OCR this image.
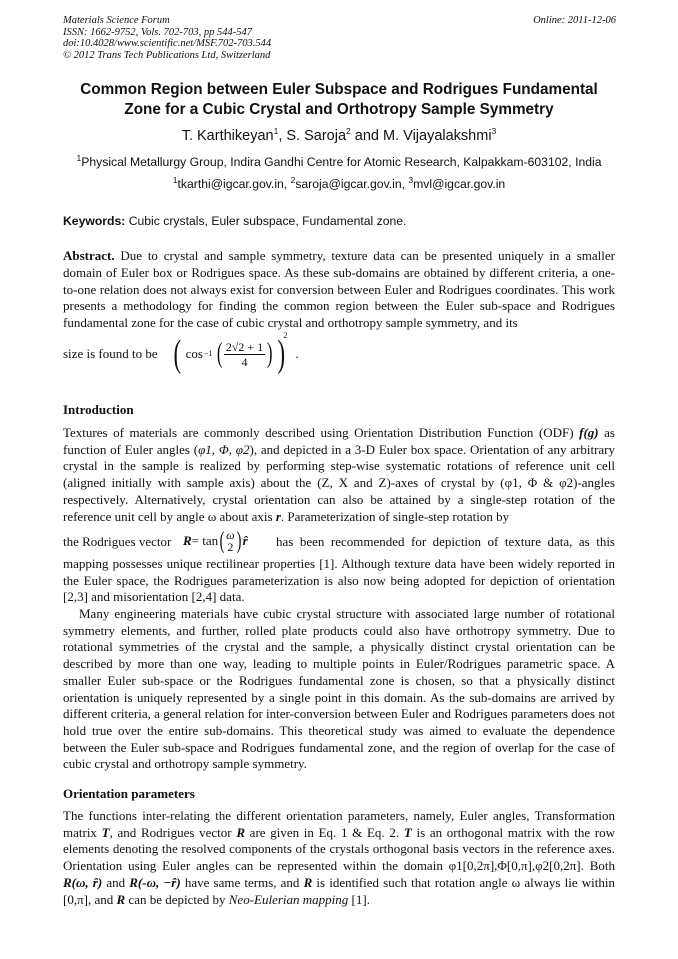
Materials Science Forum
ISSN: 1662-9752, Vols. 702-703, pp 544-547
doi:10.4028/www.scientific.net/MSF.702-703.544
© 2012 Trans Tech Publications Ltd, Switzerland
Online: 2011-12-06
Common Region between Euler Subspace and Rodrigues Fundamental
Zone for a Cubic Crystal and Orthotropy Sample Symmetry
T. Karthikeyan$^1$, S. Saroja$^2$ and M. Vijayalakshmi$^3$
$^1$Physical Metallurgy Group, Indira Gandhi Centre for Atomic Research, Kalpakkam-603102, India
$^1$tkarthi@igcar.gov.in, $^2$saroja@igcar.gov.in, $^3$mvl@igcar.gov.in
Keywords: Cubic crystals, Euler subspace, Fundamental zone.
Abstract. Due to crystal and sample symmetry, texture data can be presented uniquely in a smaller domain of Euler box or Rodrigues space. As these sub-domains are obtained by different criteria, a one-to-one relation does not always exist for conversion between Euler and Rodrigues coordinates. This work presents a methodology for finding the common region between the Euler sub-space and Rodrigues fundamental zone for the case of cubic crystal and orthotropy sample symmetry, and its
size is found to be ( cos −1 ( $\frac{2√2 + 1}{4}$ ) )
2
.
Introduction
Textures of materials are commonly described using Orientation Distribution Function (ODF) f(g) as function of Euler angles (φ1, Φ, φ2), and depicted in a 3-D Euler box space. Orientation of any arbitrary crystal in the sample is realized by performing step-wise systematic rotations of reference unit cell (aligned initially with sample axis) about the (Z, X and Z)-axes of crystal by (φ1, Φ & φ2)-angles respectively. Alternatively, crystal orientation can also be attained by a single-step rotation of the reference unit cell by angle ω about axis r. Parameterization of single-step rotation by
the Rodrigues vector R = tan ( ω
2 ) r̂ has been recommended for depiction of texture data, as this
mapping possesses unique rectilinear properties [1]. Although texture data have been widely reported in the Euler space, the Rodrigues parameterization is also now being adopted for depiction of orientation [2,3] and misorientation [2,4] data.
Many engineering materials have cubic crystal structure with associated large number of rotational symmetry elements, and further, rolled plate products could also have orthotropy symmetry. Due to rotational symmetries of the crystal and the sample, a physically distinct crystal orientation can be described by more than one way, leading to multiple points in Euler/Rodrigues parametric space. A smaller Euler sub-space or the Rodrigues fundamental zone is chosen, so that a physically distinct orientation is uniquely represented by a single point in this domain. As the sub-domains are arrived by different criteria, a general relation for inter-conversion between Euler and Rodrigues parameters does not hold true over the entire sub-domains. This theoretical study was aimed to evaluate the dependence between the Euler sub-space and Rodrigues fundamental zone, and the region of overlap for the case of cubic crystal and orthotropy sample symmetry.
Orientation parameters
The functions inter-relating the different orientation parameters, namely, Euler angles, Transformation matrix T, and Rodrigues vector R are given in Eq. 1 & Eq. 2. T is an orthogonal matrix with the row elements denoting the resolved components of the crystals orthogonal basis vectors in the reference axes. Orientation using Euler angles can be represented within the domain φ1[0,2π],Φ[0,π],φ2[0,2π]. Both R(ω, r̂) and R(-ω, −r̂) have same terms, and R is identified such that rotation angle ω always lie within [0,π], and R can be depicted by Neo-Eulerian mapping [1].
